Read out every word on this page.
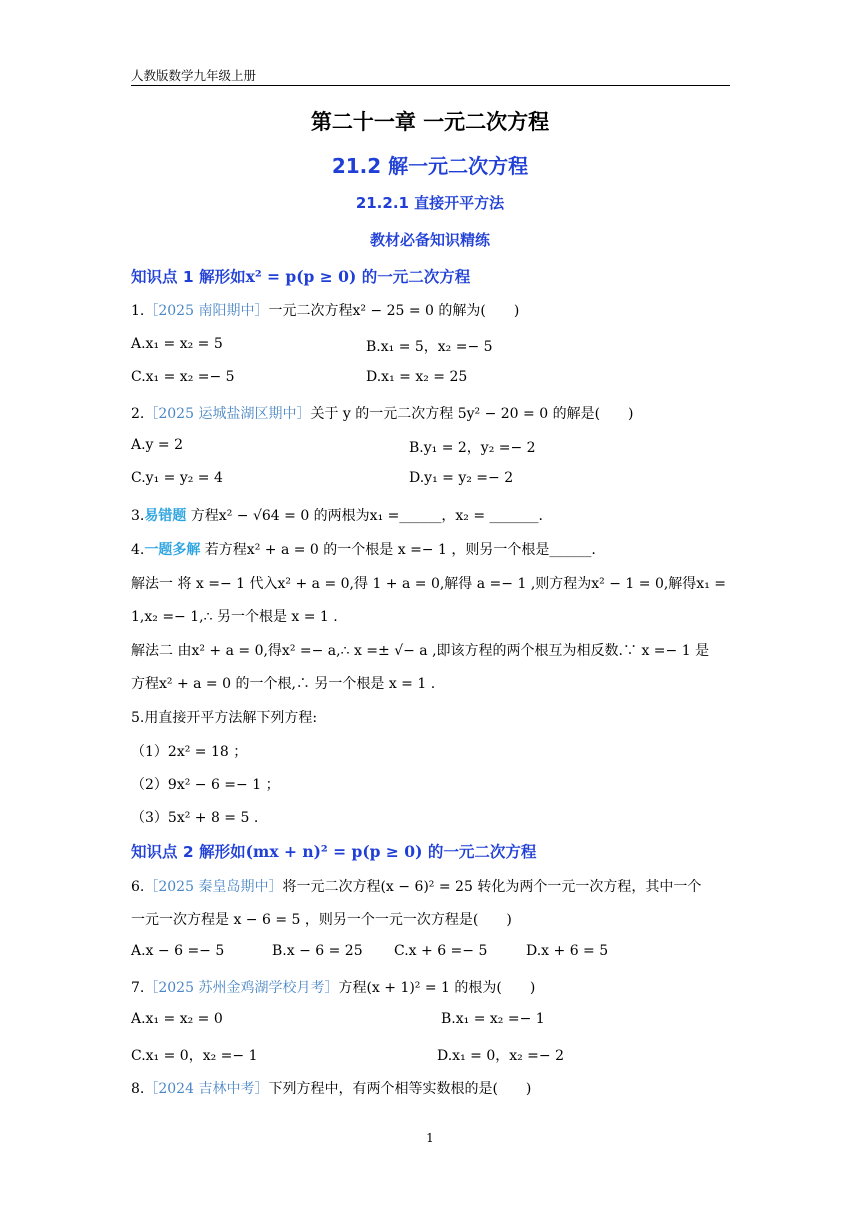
人教版数学九年级上册
第二十一章 一元二次方程
21.2 解一元二次方程
21.2.1 直接开平方法
教材必备知识精练
知识点 1 解形如x² = p(p ≥ 0) 的一元二次方程
1.［2025 南阳期中］一元二次方程x² − 25 = 0 的解为(　　)
A.x₁ = x₂ = 5	B.x₁ = 5，x₂ =− 5
C.x₁ = x₂ =− 5	D.x₁ = x₂ = 25
2.［2025 运城盐湖区期中］关于 y 的一元二次方程 5y² − 20 = 0 的解是(　　)
A.y = 2	B.y₁ = 2，y₂ =− 2
C.y₁ = y₂ = 4	D.y₁ = y₂ =− 2
3.易错题 方程x² − √64 = 0 的两根为x₁ =______，x₂ = _______.
4.一题多解 若方程x² + a = 0 的一个根是 x =− 1 ，则另一个根是______.
解法一 将 x =− 1 代入x² + a = 0,得 1 + a = 0,解得 a =− 1 ,则方程为x² − 1 = 0,解得x₁ =
1,x₂ =− 1,∴ 另一个根是 x = 1 .
解法二 由x² + a = 0,得x² =− a,∴ x =± √− a ,即该方程的两个根互为相反数.∵ x =− 1 是
方程x² + a = 0 的一个根,∴ 另一个根是 x = 1 .
5.用直接开平方法解下列方程:
（1）2x² = 18 ；
（2）9x² − 6 =− 1 ；
（3）5x² + 8 = 5 .
知识点 2 解形如(mx + n)² = p(p ≥ 0) 的一元二次方程
6.［2025 秦皇岛期中］将一元二次方程(x − 6)² = 25 转化为两个一元一次方程，其中一个
一元一次方程是 x − 6 = 5 ，则另一个一元一次方程是(　　)
A.x − 6 =− 5	B.x − 6 = 25 C.x + 6 =− 5	D.x + 6 = 5
7.［2025 苏州金鸡湖学校月考］方程(x + 1)² = 1 的根为(　　)
A.x₁ = x₂ = 0	B.x₁ = x₂ =− 1
C.x₁ = 0，x₂ =− 1	D.x₁ = 0，x₂ =− 2
8.［2024 吉林中考］下列方程中，有两个相等实数根的是(　　)
1
